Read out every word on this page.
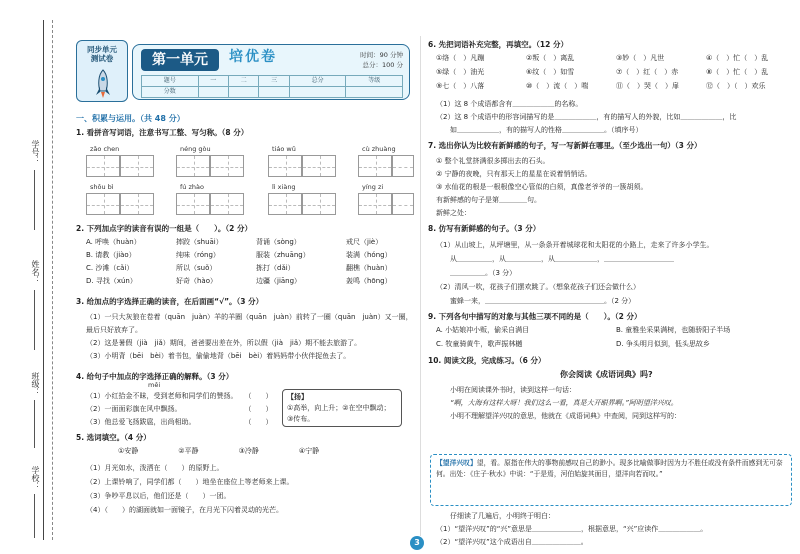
学号：
姓名：
班级：
学校：
同步单元
测试卷	第一单元	培优卷	时间：90 分钟
总分：100 分
题号	一	二	三	总分	等级
分数					
一、积累与运用。（共 48 分）
1. 看拼音写词语，注意书写工整、写匀称。（8 分）
zǎo chen	néng gòu	tiáo wǔ	cù zhuàng
shǒu bì	fú zhào	lì xiàng	yíng zi
2. 下列加点字的读音有误的一组是（　　）。（2 分）
A. 呼唤（huàn）	摔跤（shuāi）	背诵（sòng）	戒尺（jiè）
B. 请教（jiào）	纯味（róng）	服装（zhuāng）	装满（hóng）
C. 沙滩（cǎi）	所以（suǒ）	拣打（dǎi）	翻樵（huàn）
D. 寻找（xún）	好奇（hào）	边疆（jiāng）	轰鸣（hōng）
3. 给加点的字选择正确的读音，在后面画“√”。（3 分）
（1）一只大灰狼在卷着（quān　juàn）羊的羊圈（quān　juàn）前转了一圈（quān　juàn）又一圈，
最后只好放弃了。
（2）这是暑假（jià　jiǎ）期间，爸爸要出差在外，所以假（jià　jiǎ）期不能去旅游了。
（3）小明背（bēi　bèi）着书包，偷偷地背（bēi　bèi）着妈妈带小伙伴捉鱼去了。
4. 给句子中加点的字选择正确的解释。（3 分）
měi
（1）小红拾金不昧，受到老师和同学们的赞扬。　　（　　）
（2）一面面彩旗在风中飘扬。　　　　　　　　　　（　　）
（3）他总爱飞扬跋扈，出尚相助。　　　　　　　　（　　）
【扬】
①高举，向上升；②在空中飘动；
③传布。
5. 选词填空。（4 分）
①安静	②平静	③冷静	④宁静
（1）月光如水，泼洒在（　　）的原野上。
（2）上课铃响了，同学们都（　　）地坐在座位上等老师来上课。
（3）争吵平息以后，他们还是（　　）一团。
（4）（　　）的湖面就如一面镜子，在月光下闪着灵动的光芒。
3
6. 先把词语补充完整，再填空。（12 分）
①络（　）凡蹦	②叛（　）离乱	③妙（　）凡世	④（　）忙（　）乱
⑤绿（　）油光	⑥纹（　）如雪	⑦（　）红（　）赤	⑧（　）忙（　）乱
⑨七（　）八落	⑩（　）流（　）喘	⑪（　）哭（　）扉	⑫（　）（　）欢乐
（1）这 8 个成语都含有＿＿＿＿＿＿的名称。
（2）这 8 个成语中的形容词描写的是＿＿＿＿＿＿，有的描写人的外貌，比如＿＿＿＿＿＿，比
如＿＿＿＿＿＿，有的描写人的性格＿＿＿＿＿＿。（填序号）
7. 选出你认为比较有新鲜感的句子，写一写新鲜在哪里。（至少选出一句）（3 分）
① 整个礼堂挤满很多掷出去的石头。
② 宁静的夜晚，只有那天上的星星在说着悄悄话。
③ 水仙花的根是一根根像空心管似的白须，真像老爷爷的一簇胡须。
有新鲜感的句子是第＿＿＿＿句。
新鲜之处：
8. 仿写有新鲜感的句子。（3 分）
（1）从山坡上，从坪塘里，从一条条开着城球花和太阳花的小路上，走来了许多小学生。
从＿＿＿＿＿，从＿＿＿＿＿，从＿＿＿＿＿＿，＿＿＿＿＿＿＿＿＿＿
＿＿＿＿＿。（3 分）
（2）清风一吹，花孩子们摆欢跳了。（想象花孩子们还会做什么）
蜜蜂一来，＿＿＿＿＿＿＿＿＿＿＿＿＿＿＿＿＿。（2 分）
9. 下列各句中描写的对象与其他三项不同的是（　　）。（2 分）
A. 小姑娘冲小贩，偷采自满目	B. 童雅坐采果满树，也随骄阳子半场
C. 牧童骑黄牛，歌声振林樾	D. 争头明月似到，低头思故乡
10. 阅读文段，完成练习。（6 分）
你会阅读《成语词典》吗?
小明在阅读课外书时，读到这样一句话：
“啊，大海有这样大呀！我们这么一看，真是大开眼界啊。”阿明望洋兴叹。
小明不理解望洋兴叹的意思，他就在《成语词典》中查阅，同到这样写的：
【望洋兴叹】望，看。原指在伟大的事物前感叹自己的渺小。现多比喻做事时因为力不胜任或没有条件而感到无可奈何。出处：《庄子·秋水》中说：“于是焉，河伯始旋其面目，望洋向若而叹。”
仔细读了几遍后，小明终于明白：
（1）“望洋兴叹”的“兴”意思是＿＿＿＿＿＿＿，根据意思，“兴”应读作＿＿＿＿＿＿。
（2）“望洋兴叹”这个成语出自＿＿＿＿＿＿＿。
